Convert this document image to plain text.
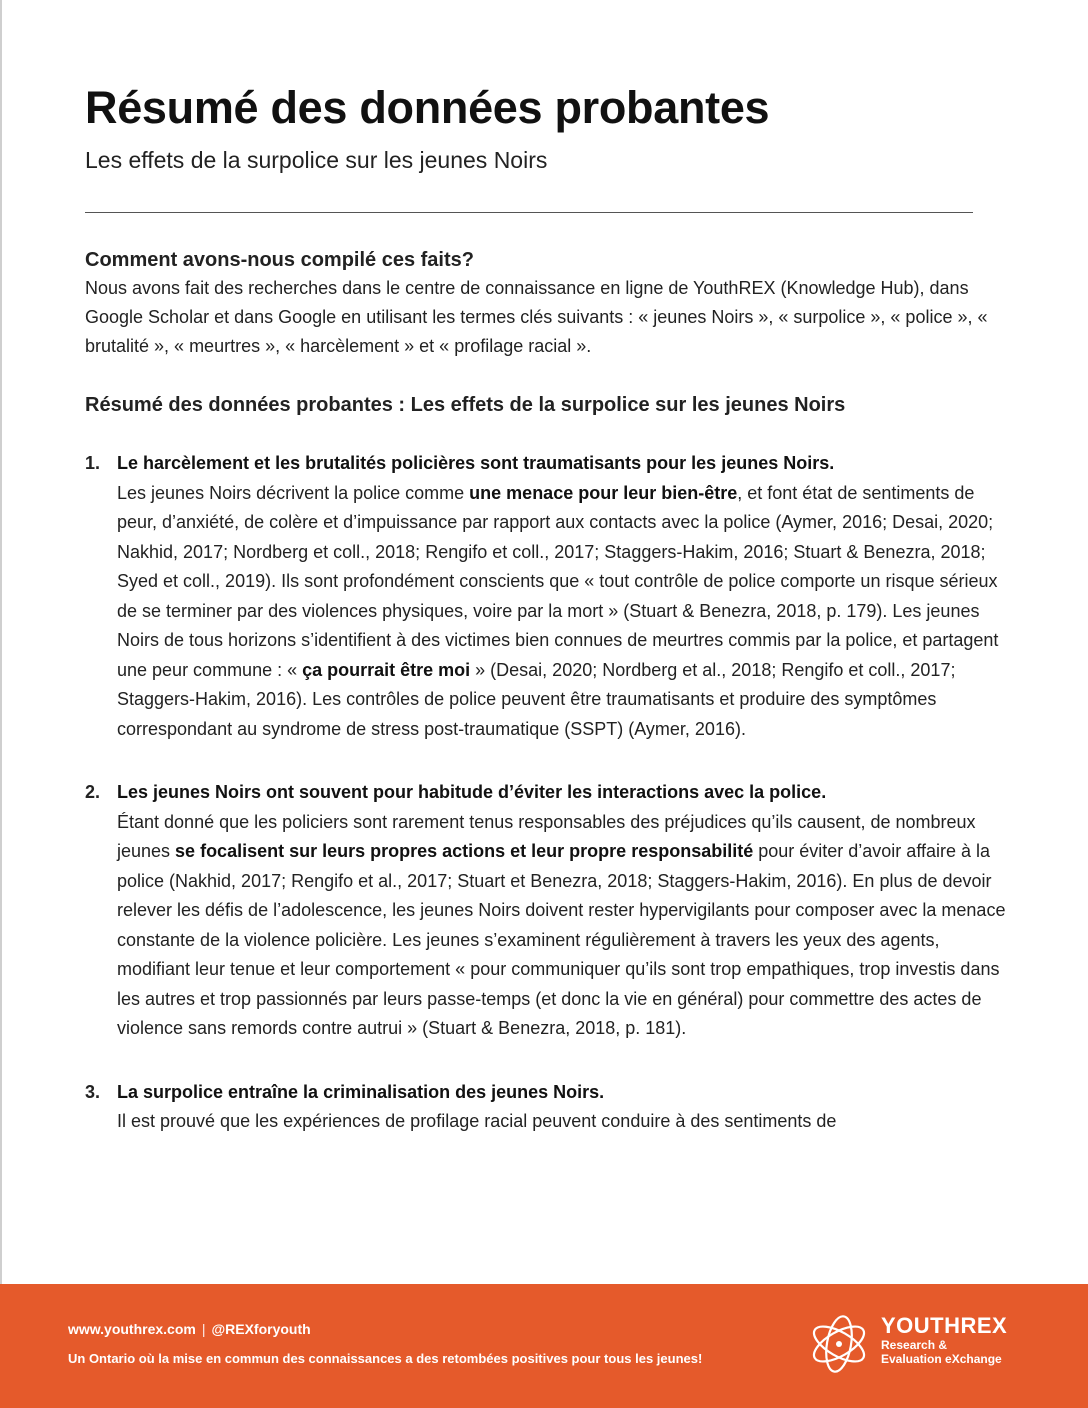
Résumé des données probantes
Les effets de la surpolice sur les jeunes Noirs
Comment avons-nous compilé ces faits?
Nous avons fait des recherches dans le centre de connaissance en ligne de YouthREX (Knowledge Hub), dans Google Scholar et dans Google en utilisant les termes clés suivants : « jeunes Noirs », « surpolice », « police », « brutalité », « meurtres », « harcèlement » et « profilage racial ».
Résumé des données probantes : Les effets de la surpolice sur les jeunes Noirs
1. Le harcèlement et les brutalités policières sont traumatisants pour les jeunes Noirs.
Les jeunes Noirs décrivent la police comme une menace pour leur bien-être, et font état de sentiments de peur, d’anxiété, de colère et d’impuissance par rapport aux contacts avec la police (Aymer, 2016; Desai, 2020; Nakhid, 2017; Nordberg et coll., 2018; Rengifo et coll., 2017; Staggers-Hakim, 2016; Stuart & Benezra, 2018; Syed et coll., 2019). Ils sont profondément conscients que « tout contrôle de police comporte un risque sérieux de se terminer par des violences physiques, voire par la mort » (Stuart & Benezra, 2018, p. 179). Les jeunes Noirs de tous horizons s’identifient à des victimes bien connues de meurtres commis par la police, et partagent une peur commune : « ça pourrait être moi » (Desai, 2020; Nordberg et al., 2018; Rengifo et coll., 2017; Staggers-Hakim, 2016). Les contrôles de police peuvent être traumatisants et produire des symptômes correspondant au syndrome de stress post-traumatique (SSPT) (Aymer, 2016).
2. Les jeunes Noirs ont souvent pour habitude d’éviter les interactions avec la police.
Étant donné que les policiers sont rarement tenus responsables des préjudices qu’ils causent, de nombreux jeunes se focalisent sur leurs propres actions et leur propre responsabilité pour éviter d’avoir affaire à la police (Nakhid, 2017; Rengifo et al., 2017; Stuart et Benezra, 2018; Staggers-Hakim, 2016). En plus de devoir relever les défis de l’adolescence, les jeunes Noirs doivent rester hypervigilants pour composer avec la menace constante de la violence policière. Les jeunes s’examinent régulièrement à travers les yeux des agents, modifiant leur tenue et leur comportement « pour communiquer qu’ils sont trop empathiques, trop investis dans les autres et trop passionnés par leurs passe-temps (et donc la vie en général) pour commettre des actes de violence sans remords contre autrui » (Stuart & Benezra, 2018, p. 181).
3. La surpolice entraîne la criminalisation des jeunes Noirs.
Il est prouvé que les expériences de profilage racial peuvent conduire à des sentiments de
www.youthrex.com | @REXforyouth
Un Ontario où la mise en commun des connaissances a des retombées positives pour tous les jeunes!
YOUTHREX
Research &
Evaluation eXchange
